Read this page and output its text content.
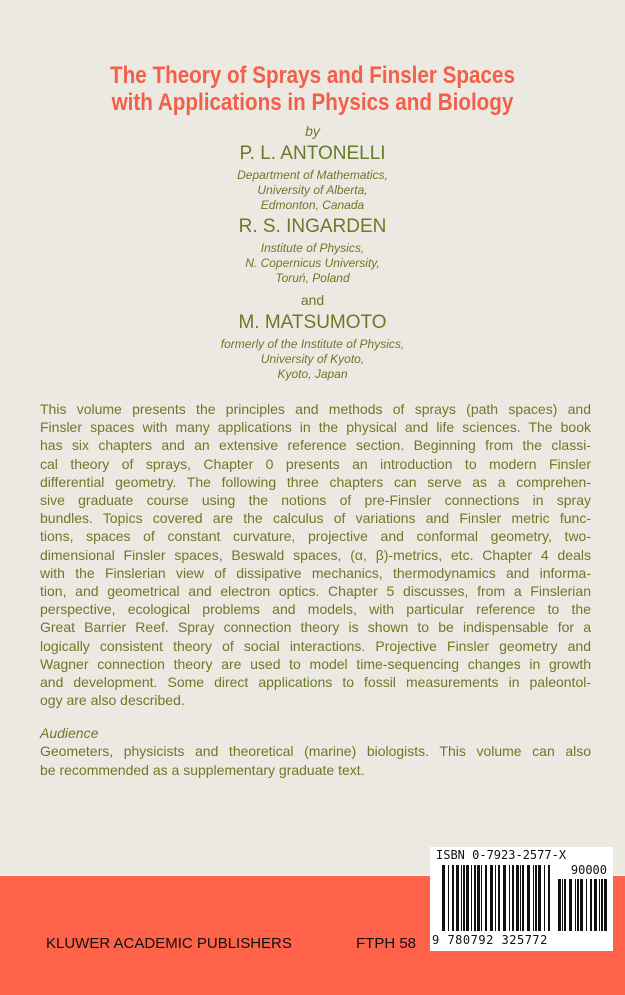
The Theory of Sprays and Finsler Spaces
with Applications in Physics and Biology
by
P. L. ANTONELLI
Department of Mathematics,
University of Alberta,
Edmonton, Canada
R. S. INGARDEN
Institute of Physics,
N. Copernicus University,
Toruń, Poland
and
M. MATSUMOTO
formerly of the Institute of Physics,
University of Kyoto,
Kyoto, Japan
This volume presents the principles and methods of sprays (path spaces) and
Finsler spaces with many applications in the physical and life sciences. The book
has six chapters and an extensive reference section. Beginning from the classi-
cal theory of sprays, Chapter 0 presents an introduction to modern Finsler
differential geometry. The following three chapters can serve as a comprehen-
sive graduate course using the notions of pre-Finsler connections in spray
bundles. Topics covered are the calculus of variations and Finsler metric func-
tions, spaces of constant curvature, projective and conformal geometry, two-
dimensional Finsler spaces, Beswald spaces, (α, β)-metrics, etc. Chapter 4 deals
with the Finslerian view of dissipative mechanics, thermodynamics and informa-
tion, and geometrical and electron optics. Chapter 5 discusses, from a Finslerian
perspective, ecological problems and models, with particular reference to the
Great Barrier Reef. Spray connection theory is shown to be indispensable for a
logically consistent theory of social interactions. Projective Finsler geometry and
Wagner connection theory are used to model time-sequencing changes in growth
and development. Some direct applications to fossil measurements in paleontol-
ogy are also described.
Audience
Geometers, physicists and theoretical (marine) biologists. This volume can also
be recommended as a supplementary graduate text.
KLUWER ACADEMIC PUBLISHERS	FTPH 58
ISBN 0-7923-2577-X
90000
9 780792 325772
